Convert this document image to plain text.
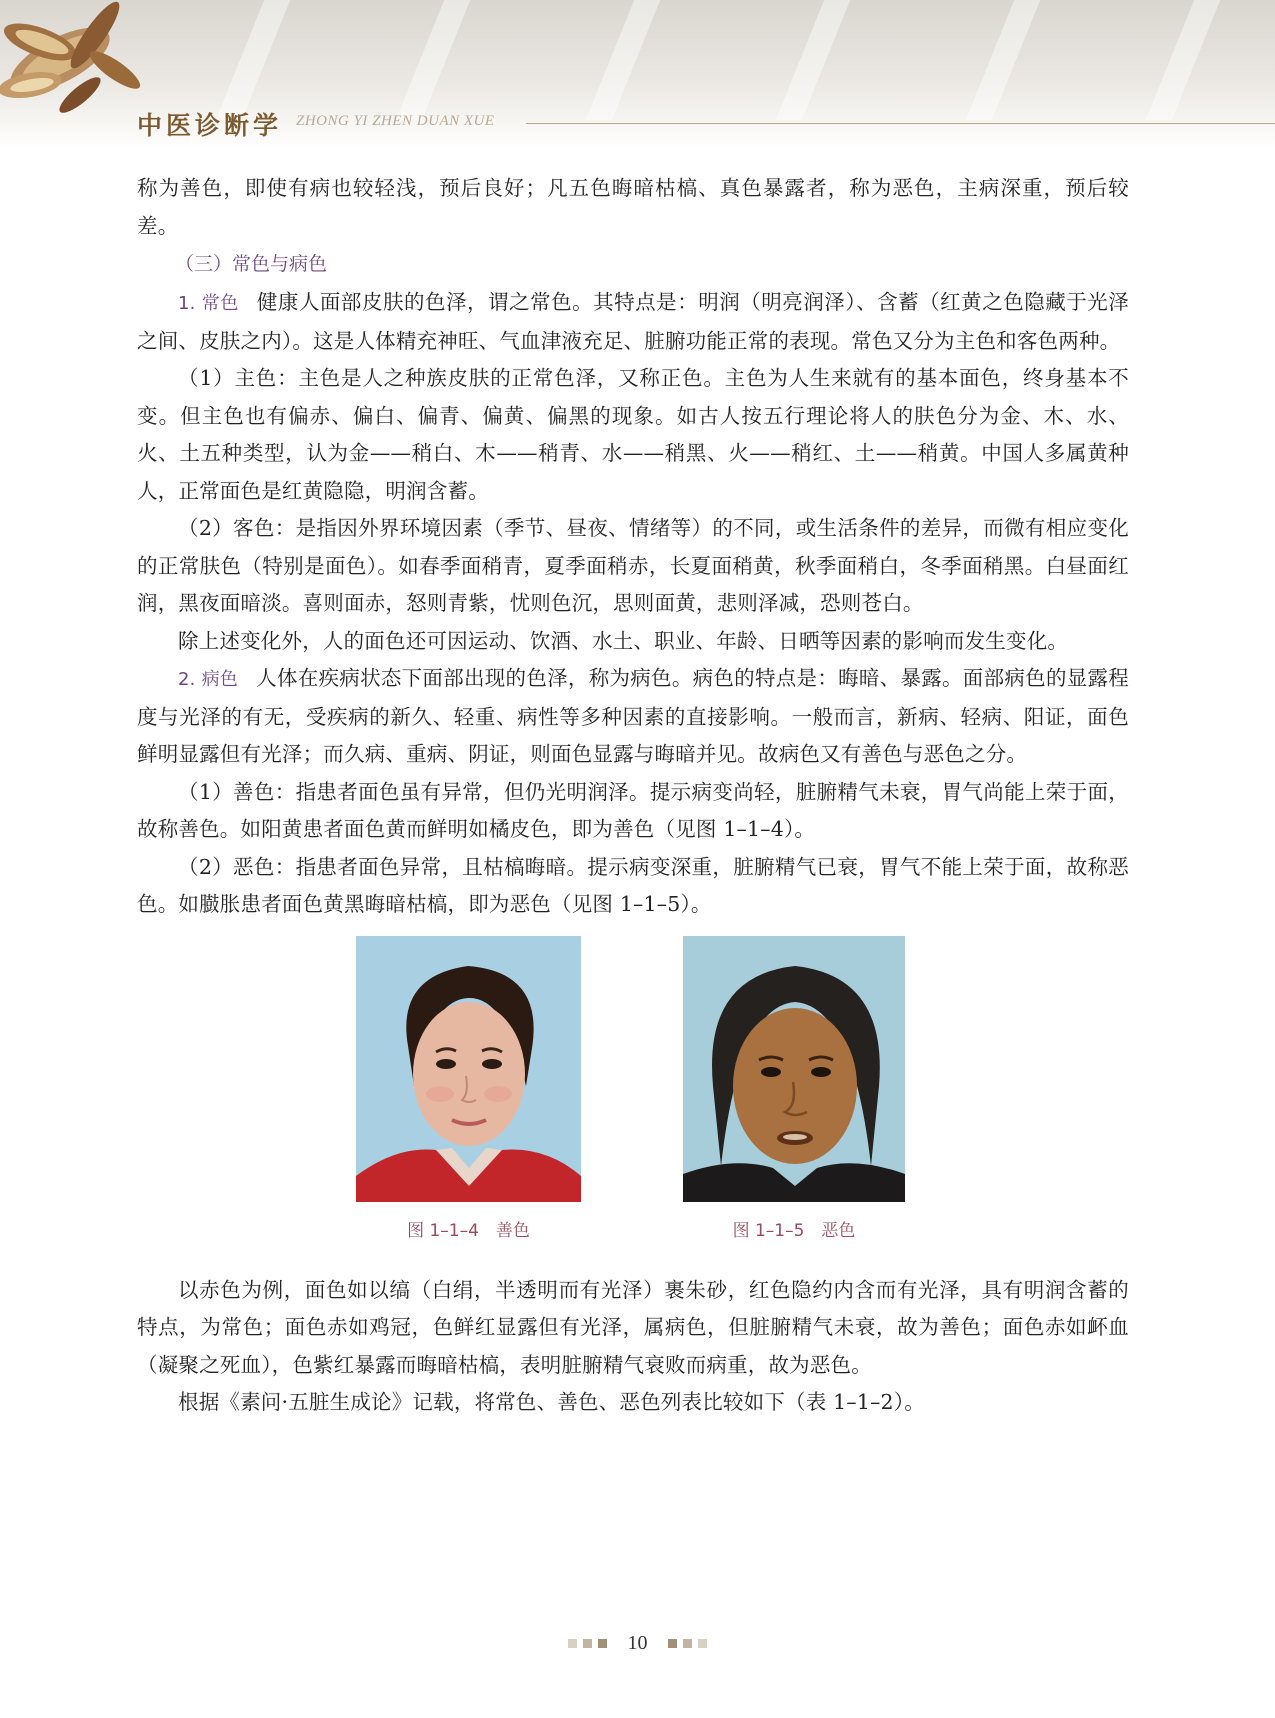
中医诊断学 ZHONG YI ZHEN DUAN XUE

称为善色，即使有病也较轻浅，预后良好；凡五色晦暗枯槁、真色暴露者，称为恶色，主病深重，预后较差。

（三）常色与病色

1. 常色 健康人面部皮肤的色泽，谓之常色。其特点是：明润（明亮润泽）、含蓄（红黄之色隐藏于光泽之间、皮肤之内）。这是人体精充神旺、气血津液充足、脏腑功能正常的表现。常色又分为主色和客色两种。

（1）主色：主色是人之种族皮肤的正常色泽，又称正色。主色为人生来就有的基本面色，终身基本不变。但主色也有偏赤、偏白、偏青、偏黄、偏黑的现象。如古人按五行理论将人的肤色分为金、木、水、火、土五种类型，认为金——稍白、木——稍青、水——稍黑、火——稍红、土——稍黄。中国人多属黄种人，正常面色是红黄隐隐，明润含蓄。

（2）客色：是指因外界环境因素（季节、昼夜、情绪等）的不同，或生活条件的差异，而微有相应变化的正常肤色（特别是面色）。如春季面稍青，夏季面稍赤，长夏面稍黄，秋季面稍白，冬季面稍黑。白昼面红润，黑夜面暗淡。喜则面赤，怒则青紫，忧则色沉，思则面黄，悲则泽减，恐则苍白。

除上述变化外，人的面色还可因运动、饮酒、水土、职业、年龄、日晒等因素的影响而发生变化。

2. 病色 人体在疾病状态下面部出现的色泽，称为病色。病色的特点是：晦暗、暴露。面部病色的显露程度与光泽的有无，受疾病的新久、轻重、病性等多种因素的直接影响。一般而言，新病、轻病、阳证，面色鲜明显露但有光泽；而久病、重病、阴证，则面色显露与晦暗并见。故病色又有善色与恶色之分。

（1）善色：指患者面色虽有异常，但仍光明润泽。提示病变尚轻，脏腑精气未衰，胃气尚能上荣于面，故称善色。如阳黄患者面色黄而鲜明如橘皮色，即为善色（见图 1–1–4）。

（2）恶色：指患者面色异常，且枯槁晦暗。提示病变深重，脏腑精气已衰，胃气不能上荣于面，故称恶色。如臌胀患者面色黄黑晦暗枯槁，即为恶色（见图 1–1–5）。

图 1–1–4　善色	图 1–1–5　恶色

以赤色为例，面色如以缟（白绢，半透明而有光泽）裹朱砂，红色隐约内含而有光泽，具有明润含蓄的特点，为常色；面色赤如鸡冠，色鲜红显露但有光泽，属病色，但脏腑精气未衰，故为善色；面色赤如衃血（凝聚之死血），色紫红暴露而晦暗枯槁，表明脏腑精气衰败而病重，故为恶色。

根据《素问·五脏生成论》记载，将常色、善色、恶色列表比较如下（表 1–1–2）。

10
